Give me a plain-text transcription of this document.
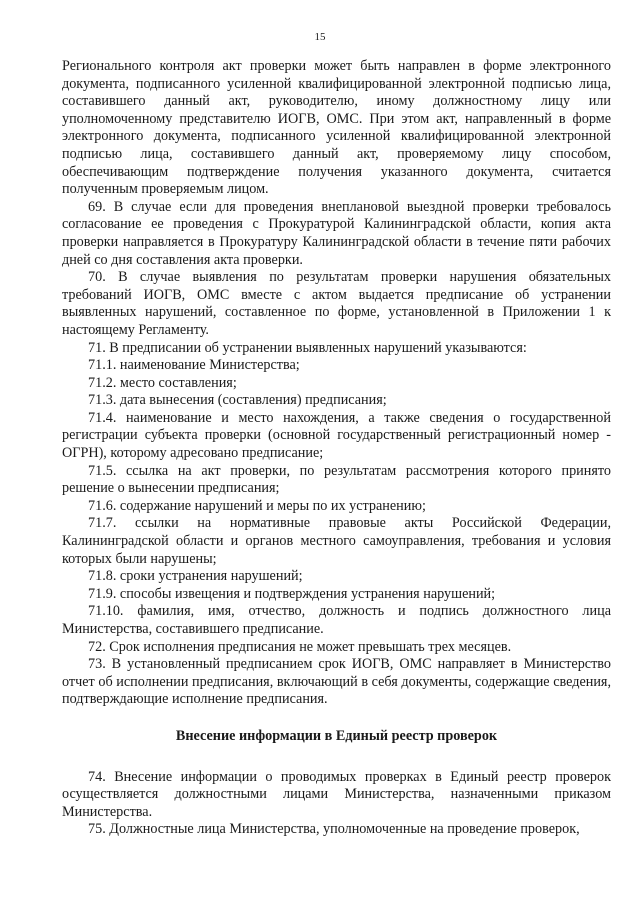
15

Регионального контроля акт проверки может быть направлен в форме электронного документа, подписанного усиленной квалифицированной электронной подписью лица, составившего данный акт, руководителю, иному должностному лицу или уполномоченному представителю ИОГВ, ОМС. При этом акт, направленный в форме электронного документа, подписанного усиленной квалифицированной электронной подписью лица, составившего данный акт, проверяемому лицу способом, обеспечивающим подтверждение получения указанного документа, считается полученным проверяемым лицом.

69. В случае если для проведения внеплановой выездной проверки требовалось согласование ее проведения с Прокуратурой Калининградской области, копия акта проверки направляется в Прокуратуру Калининградской области в течение пяти рабочих дней со дня составления акта проверки.

70. В случае выявления по результатам проверки нарушения обязательных требований ИОГВ, ОМС вместе с актом выдается предписание об устранении выявленных нарушений, составленное по форме, установленной в Приложении 1 к настоящему Регламенту.

71. В предписании об устранении выявленных нарушений указываются:

71.1. наименование Министерства;

71.2. место составления;

71.3. дата вынесения (составления) предписания;

71.4. наименование и место нахождения, а также сведения о государственной регистрации субъекта проверки (основной государственный регистрационный номер - ОГРН), которому адресовано предписание;

71.5. ссылка на акт проверки, по результатам рассмотрения которого принято решение о вынесении предписания;

71.6. содержание нарушений и меры по их устранению;

71.7. ссылки на нормативные правовые акты Российской Федерации, Калининградской области и органов местного самоуправления, требования и условия которых были нарушены;

71.8. сроки устранения нарушений;

71.9. способы извещения и подтверждения устранения нарушений;

71.10. фамилия, имя, отчество, должность и подпись должностного лица Министерства, составившего предписание.

72. Срок исполнения предписания не может превышать трех месяцев.

73. В установленный предписанием срок ИОГВ, ОМС направляет в Министерство отчет об исполнении предписания, включающий в себя документы, содержащие сведения, подтверждающие исполнение предписания.

Внесение информации в Единый реестр проверок

74. Внесение информации о проводимых проверках в Единый реестр проверок осуществляется должностными лицами Министерства, назначенными приказом Министерства.

75. Должностные лица Министерства, уполномоченные на проведение проверок,
